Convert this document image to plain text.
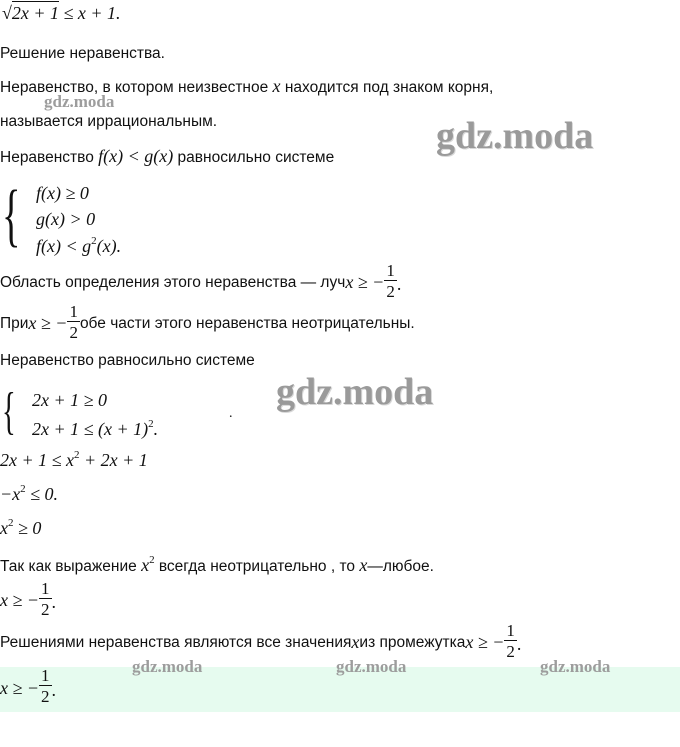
√2x + 1 ≤ x + 1.
Решение неравенства.
Неравенство, в котором неизвестное x находится под знаком корня,
называется иррациональным.
Неравенство f(x) < g(x) равносильно системе
{ f(x) ≥ 0
g(x) > 0
$f(x) < g^2(x)$.
Область определения этого неравенства — лучx ≥ − $\frac{1}{2}$ .
Приx ≥ − $\frac{1}{2}$ обе части этого неравенства неотрицательны.
Неравенство равносильно системе
{ 2x + 1 ≥ 0
$2x + 1 \le (x + 1)^2$.
.
$2x + 1 \le x^2 + 2x + 1$
$-x^2 \le 0$.
$x^2 \ge 0$
Так как выражение $x^2$ всегда неотрицательно , то x—любое.
x ≥ − $\frac{1}{2}$ .
Решениями неравенства являются все значенияxиз промежуткаx ≥ − $\frac{1}{2}$ .
x ≥ − $\frac{1}{2}$ .
gdz.moda
gdz.moda
gdz.moda
gdz.moda	gdz.moda	gdz.moda
